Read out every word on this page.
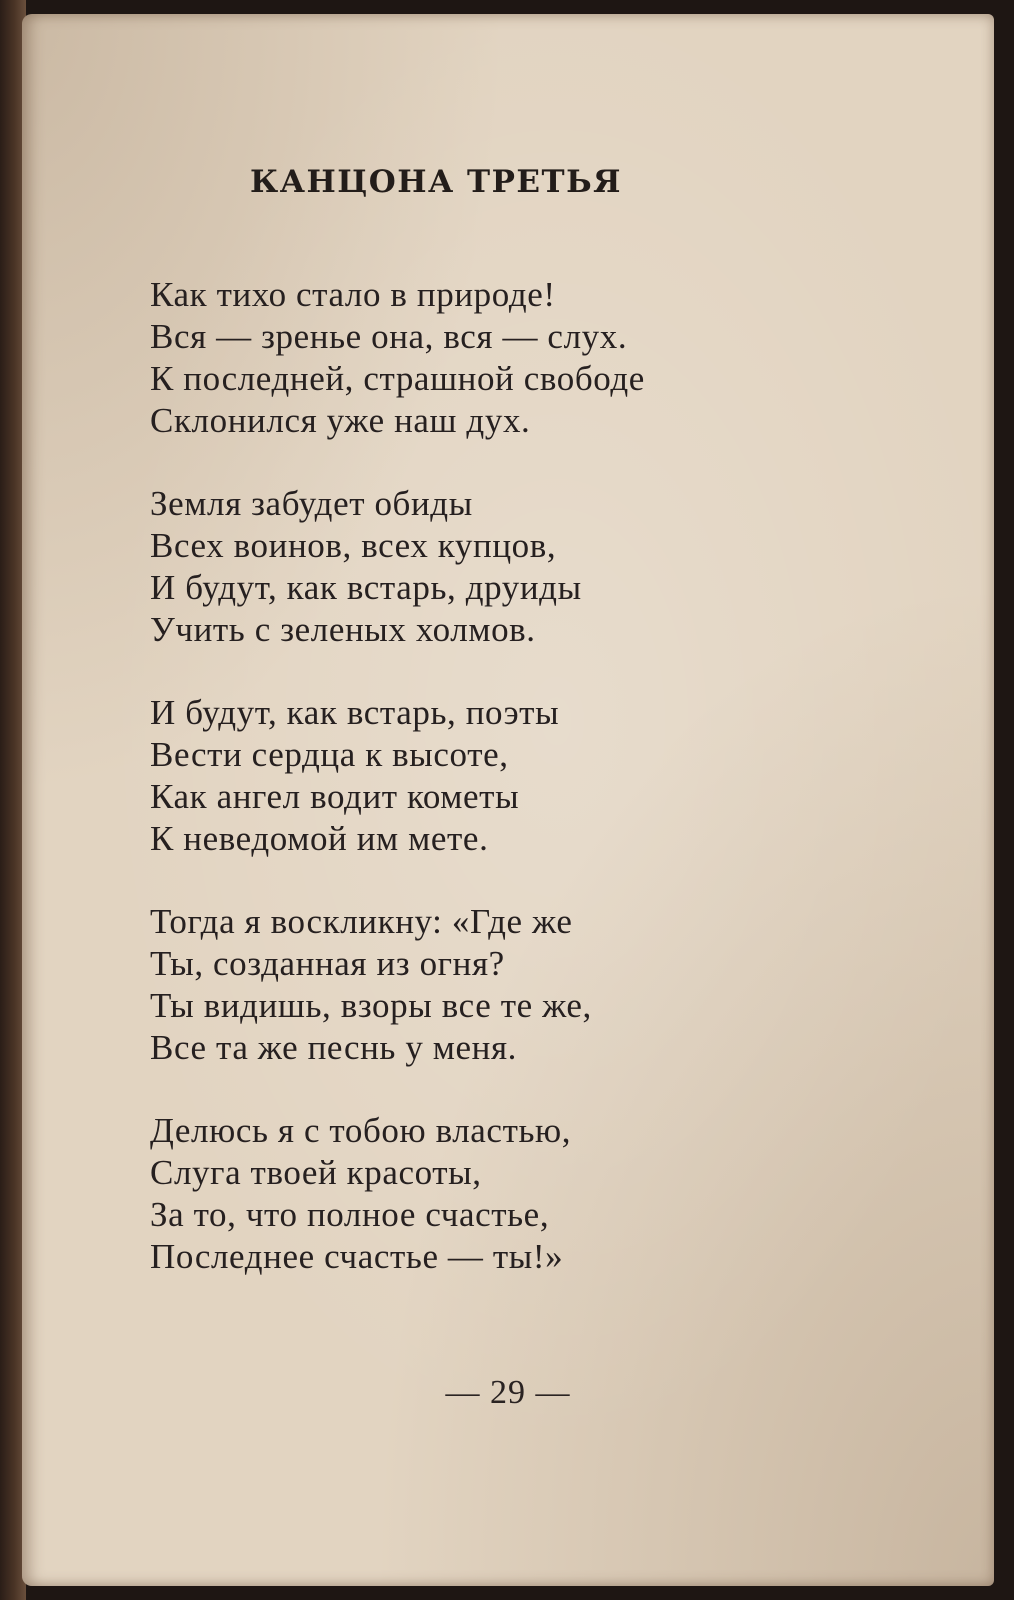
КАНЦОНА ТРЕТЬЯ
Как тихо стало в природе!
Вся — зренье она, вся — слух.
К последней, страшной свободе
Склонился уже наш дух.
Земля забудет обиды
Всех воинов, всех купцов,
И будут, как встарь, друиды
Учить с зеленых холмов.
И будут, как встарь, поэты
Вести сердца к высоте,
Как ангел водит кометы
К неведомой им мете.
Тогда я воскликну: «Где же
Ты, созданная из огня?
Ты видишь, взоры все те же,
Все та же песнь у меня.
Делюсь я с тобою властью,
Слуга твоей красоты,
За то, что полное счастье,
Последнее счастье — ты!»
— 29 —
